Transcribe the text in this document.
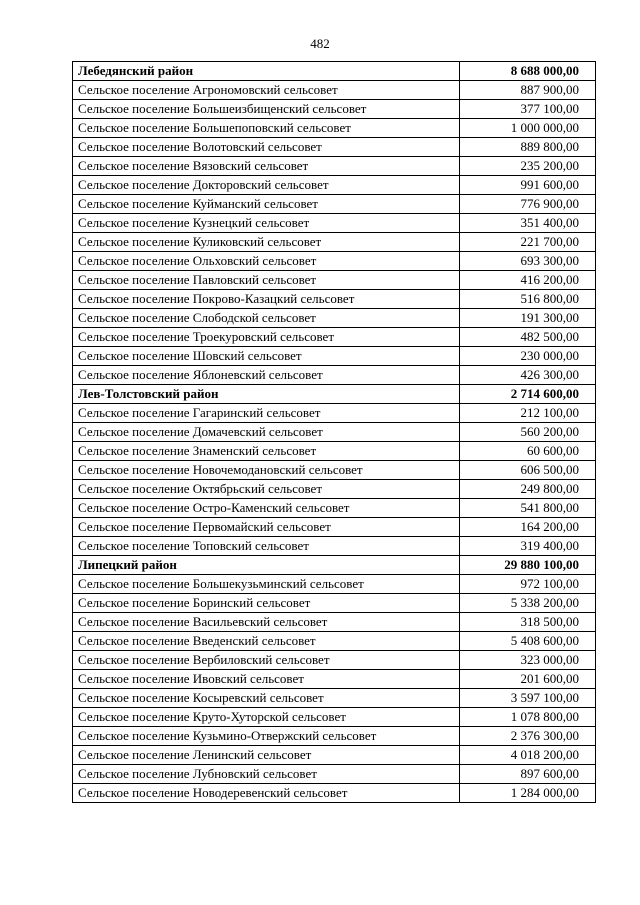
482
Лебедянский район	8 688 000,00
Сельское поселение Агрономовский сельсовет	887 900,00
Сельское поселение Большеизбищенский сельсовет	377 100,00
Сельское поселение Большепоповский сельсовет	1 000 000,00
Сельское поселение Волотовский сельсовет	889 800,00
Сельское поселение Вязовский сельсовет	235 200,00
Сельское поселение Докторовский сельсовет	991 600,00
Сельское поселение Куйманский сельсовет	776 900,00
Сельское поселение Кузнецкий сельсовет	351 400,00
Сельское поселение Куликовский сельсовет	221 700,00
Сельское поселение Ольховский сельсовет	693 300,00
Сельское поселение Павловский сельсовет	416 200,00
Сельское поселение Покрово-Казацкий сельсовет	516 800,00
Сельское поселение Слободской сельсовет	191 300,00
Сельское поселение Троекуровский сельсовет	482 500,00
Сельское поселение Шовский сельсовет	230 000,00
Сельское поселение Яблоневский сельсовет	426 300,00
Лев-Толстовский район	2 714 600,00
Сельское поселение Гагаринский сельсовет	212 100,00
Сельское поселение Домачевский сельсовет	560 200,00
Сельское поселение Знаменский сельсовет	60 600,00
Сельское поселение Новочемодановский сельсовет	606 500,00
Сельское поселение Октябрьский сельсовет	249 800,00
Сельское поселение Остро-Каменский сельсовет	541 800,00
Сельское поселение Первомайский сельсовет	164 200,00
Сельское поселение Топовский сельсовет	319 400,00
Липецкий район	29 880 100,00
Сельское поселение Большекузьминский сельсовет	972 100,00
Сельское поселение Боринский сельсовет	5 338 200,00
Сельское поселение Васильевский сельсовет	318 500,00
Сельское поселение Введенский сельсовет	5 408 600,00
Сельское поселение Вербиловский сельсовет	323 000,00
Сельское поселение Ивовский сельсовет	201 600,00
Сельское поселение Косыревский сельсовет	3 597 100,00
Сельское поселение Круто-Хуторской сельсовет	1 078 800,00
Сельское поселение Кузьмино-Отвержский сельсовет	2 376 300,00
Сельское поселение Ленинский сельсовет	4 018 200,00
Сельское поселение Лубновский сельсовет	897 600,00
Сельское поселение Новодеревенский сельсовет	1 284 000,00
